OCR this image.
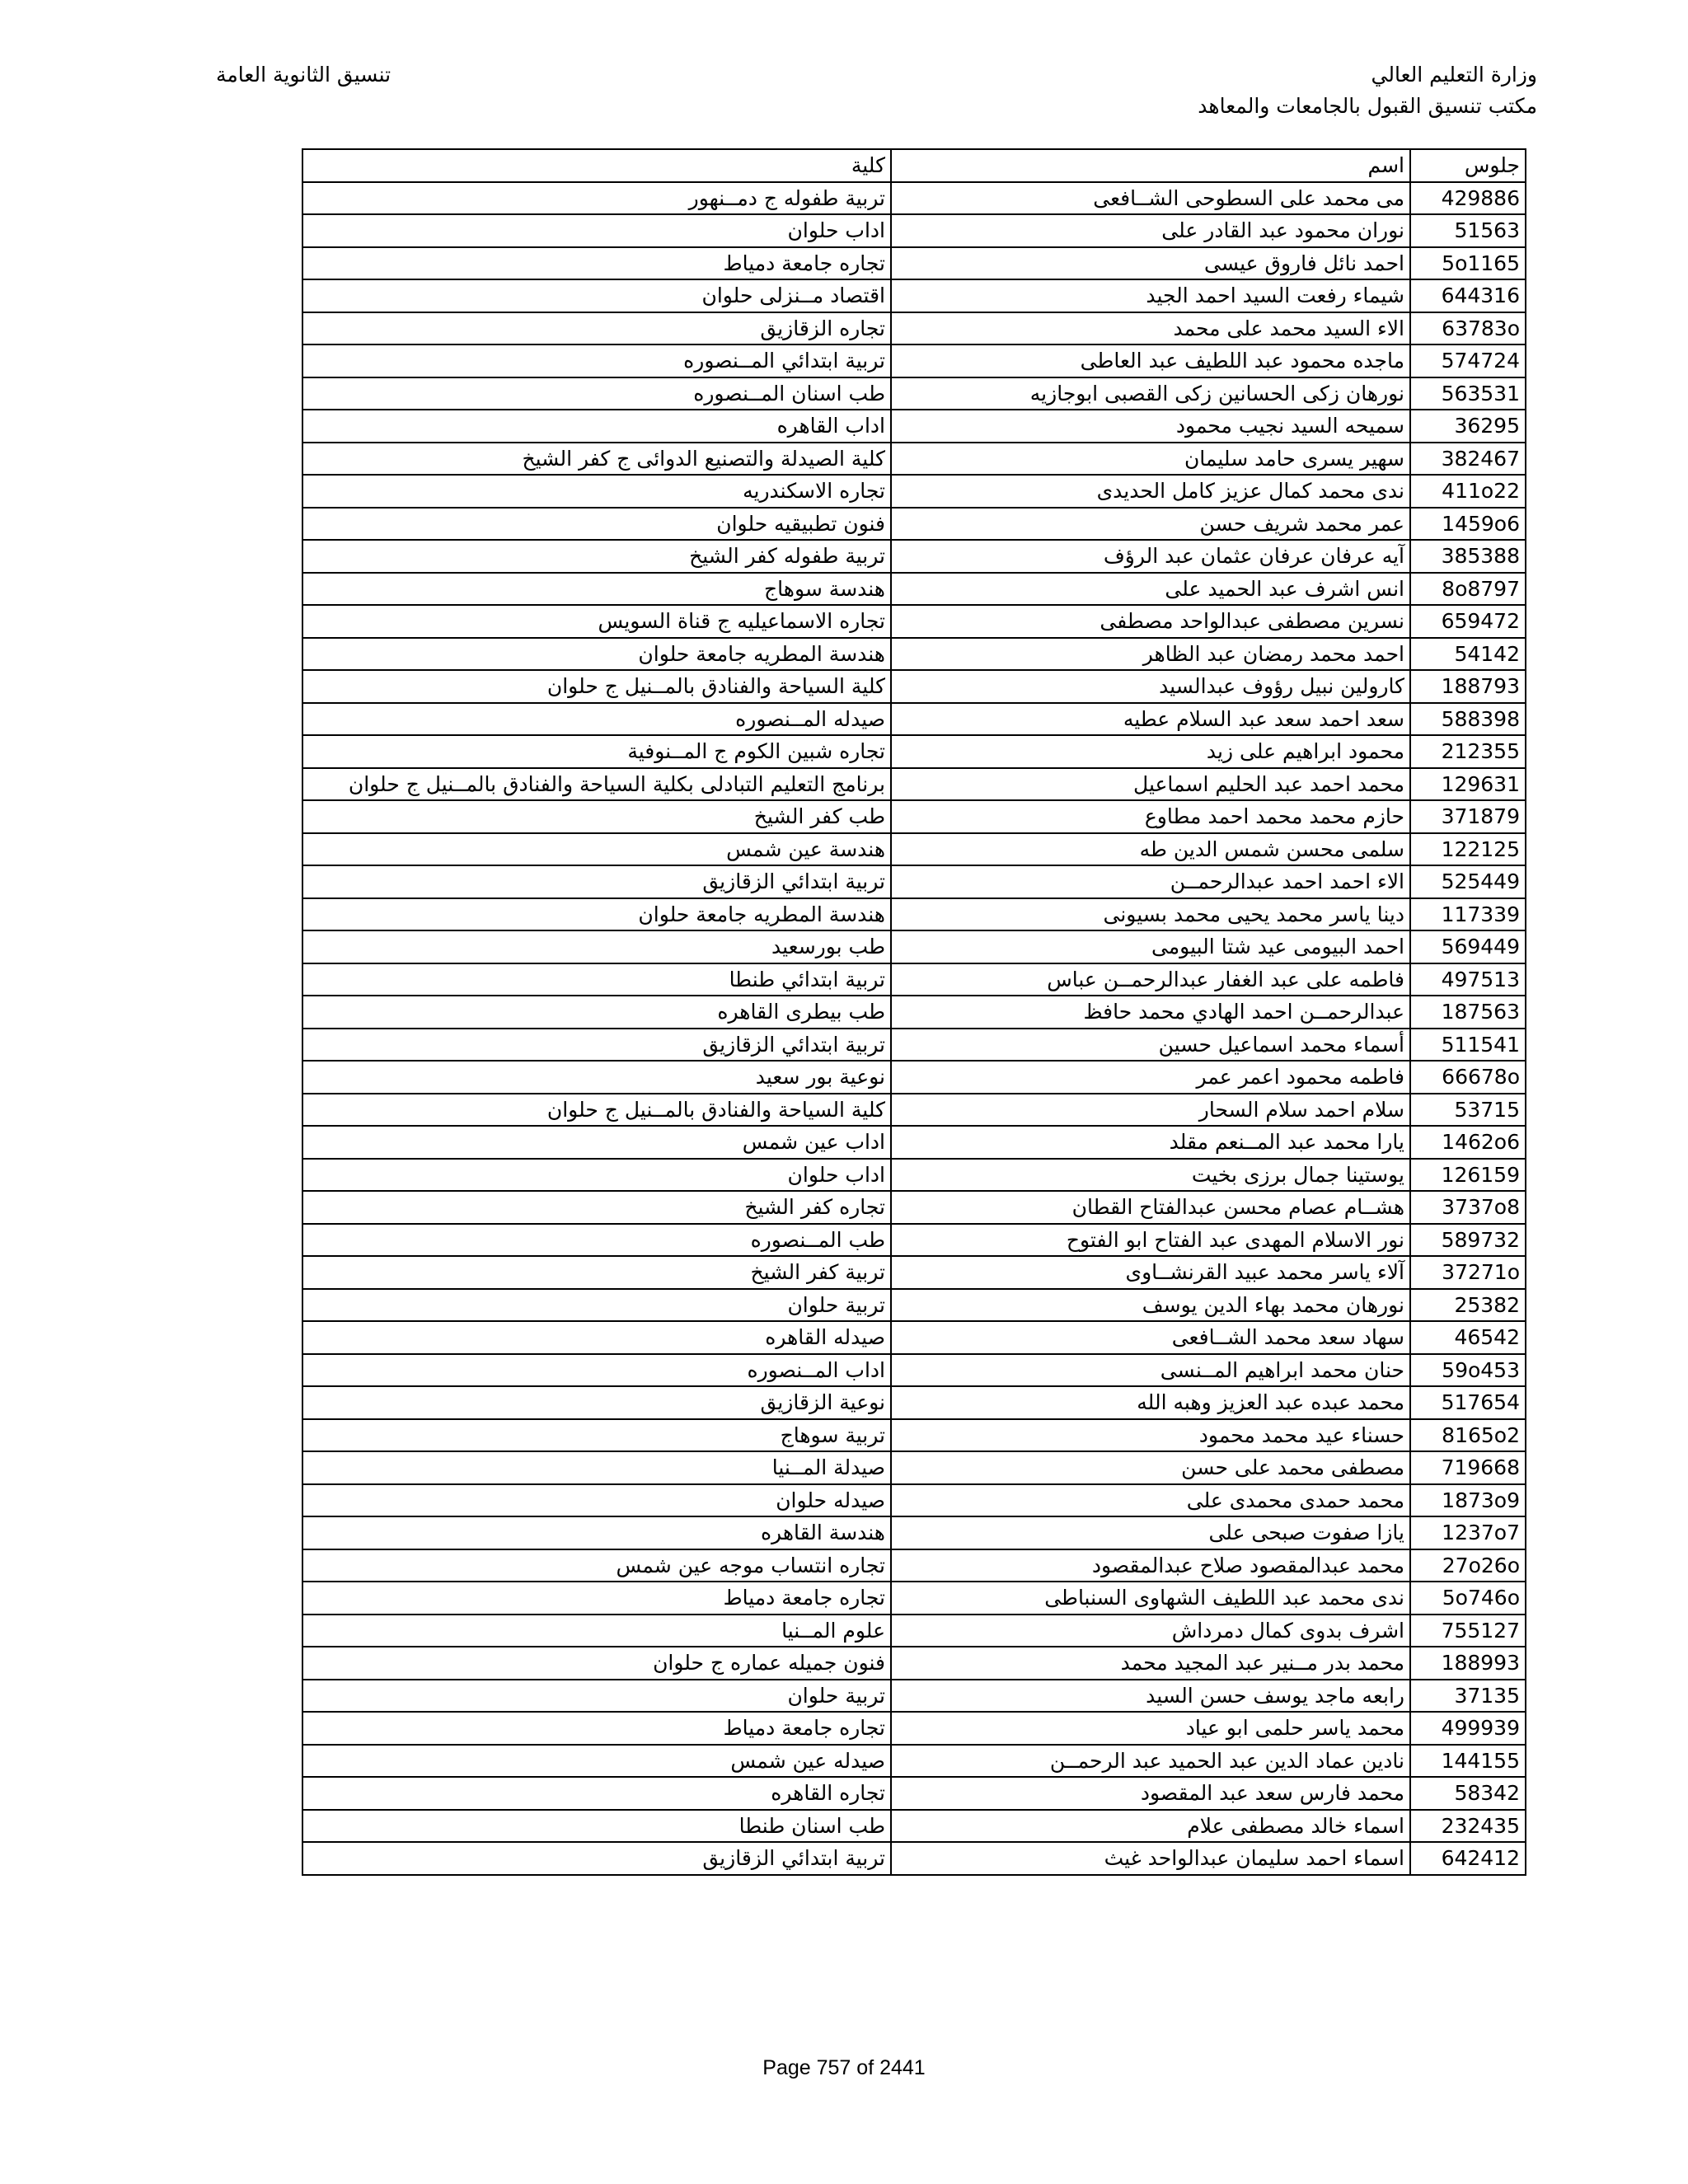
وزارة التعليم العالي
مكتب تنسيق القبول بالجامعات والمعاهد
تنسيق الثانوية العامة
جلوس	اسم	كلية
429886	مى محمد على السطوحى الشــافعى	تربية طفوله ج دمــنهور
51563	نوران محمود عبد القادر على	اداب حلوان
5o1165	احمد نائل فاروق عيسى	تجاره جامعة دمياط
644316	شيماء رفعت السيد احمد الجيد	اقتصاد مــنزلى حلوان
63783o	الاء السيد محمد على محمد	تجاره الزقازيق
574724	ماجده محمود عبد اللطيف عبد العاطى	تربية ابتدائي المــنصوره
563531	نورهان زكى الحسانين زكى القصبى ابوجازيه	طب اسنان المــنصوره
36295	سميحه السيد نجيب محمود	اداب القاهره
382467	سهير يسرى حامد سليمان	كلية الصيدلة والتصنيع الدوائى ج كفر الشيخ
411o22	ندى محمد كمال عزيز كامل الحديدى	تجاره الاسكندريه
1459o6	عمر محمد شريف حسن	فنون تطبيقيه حلوان
385388	آيه عرفان عرفان عثمان عبد الرؤف	تربية طفوله كفر الشيخ
8o8797	انس اشرف عبد الحميد على	هندسة سوهاج
659472	نسرين مصطفى عبدالواحد مصطفى	تجاره الاسماعيليه ج قناة السويس
54142	احمد محمد رمضان عبد الظاهر	هندسة المطريه جامعة حلوان
188793	كارولين نبيل رؤوف عبدالسيد	كلية السياحة والفنادق بالمــنيل ج حلوان
588398	سعد احمد سعد عبد السلام عطيه	صيدله المــنصوره
212355	محمود ابراهيم على زيد	تجاره شبين الكوم ج المــنوفية
129631	محمد احمد عبد الحليم اسماعيل	برنامج التعليم التبادلى بكلية السياحة والفنادق بالمــنيل ج حلوان
371879	حازم محمد محمد احمد مطاوع	طب كفر الشيخ
122125	سلمى محسن شمس الدين طه	هندسة عين شمس
525449	الاء احمد احمد عبدالرحمــن	تربية ابتدائي الزقازيق
117339	دينا ياسر محمد يحيى محمد بسيونى	هندسة المطريه جامعة حلوان
569449	احمد البيومى عيد شتا البيومى	طب بورسعيد
497513	فاطمه على عبد الغفار عبدالرحمــن عباس	تربية ابتدائي طنطا
187563	عبدالرحمــن احمد الهادي محمد حافظ	طب بيطرى القاهره
511541	أسماء محمد اسماعيل حسين	تربية ابتدائي الزقازيق
66678o	فاطمه محمود اعمر عمر	نوعية بور سعيد
53715	سلام احمد سلام السحار	كلية السياحة والفنادق بالمــنيل ج حلوان
1462o6	يارا محمد عبد المــنعم مقلد	اداب عين شمس
126159	يوستينا جمال برزى بخيت	اداب حلوان
3737o8	هشــام عصام محسن عبدالفتاح القطان	تجاره كفر الشيخ
589732	نور الاسلام المهدى عبد الفتاح ابو الفتوح	طب المــنصوره
37271o	آلاء ياسر محمد عبيد القرنشــاوى	تربية كفر الشيخ
25382	نورهان محمد بهاء الدين يوسف	تربية حلوان
46542	سهاد سعد محمد الشــافعى	صيدله القاهره
59o453	حنان محمد ابراهيم المــنسى	اداب المــنصوره
517654	محمد عبده عبد العزيز وهبه الله	نوعية الزقازيق
8165o2	حسناء عيد محمد محمود	تربية سوهاج
719668	مصطفى محمد على حسن	صيدلة المــنيا
1873o9	محمد حمدى محمدى على	صيدله حلوان
1237o7	يازا صفوت صبحى على	هندسة القاهره
27o26o	محمد عبدالمقصود صلاح عبدالمقصود	تجاره انتساب موجه عين شمس
5o746o	ندى محمد عبد اللطيف الشهاوى السنباطى	تجاره جامعة دمياط
755127	اشرف بدوى كمال دمرداش	علوم المــنيا
188993	محمد بدر مــنير عبد المجيد محمد	فنون جميله عماره ج حلوان
37135	رابعه ماجد يوسف حسن السيد	تربية حلوان
499939	محمد ياسر حلمى ابو عياد	تجاره جامعة دمياط
144155	نادين عماد الدين عبد الحميد عبد الرحمــن	صيدله عين شمس
58342	محمد فارس سعد عبد المقصود	تجاره القاهره
232435	اسماء خالد مصطفى علام	طب اسنان طنطا
642412	اسماء احمد سليمان عبدالواحد غيث	تربية ابتدائي الزقازيق
Page 757 of 2441
